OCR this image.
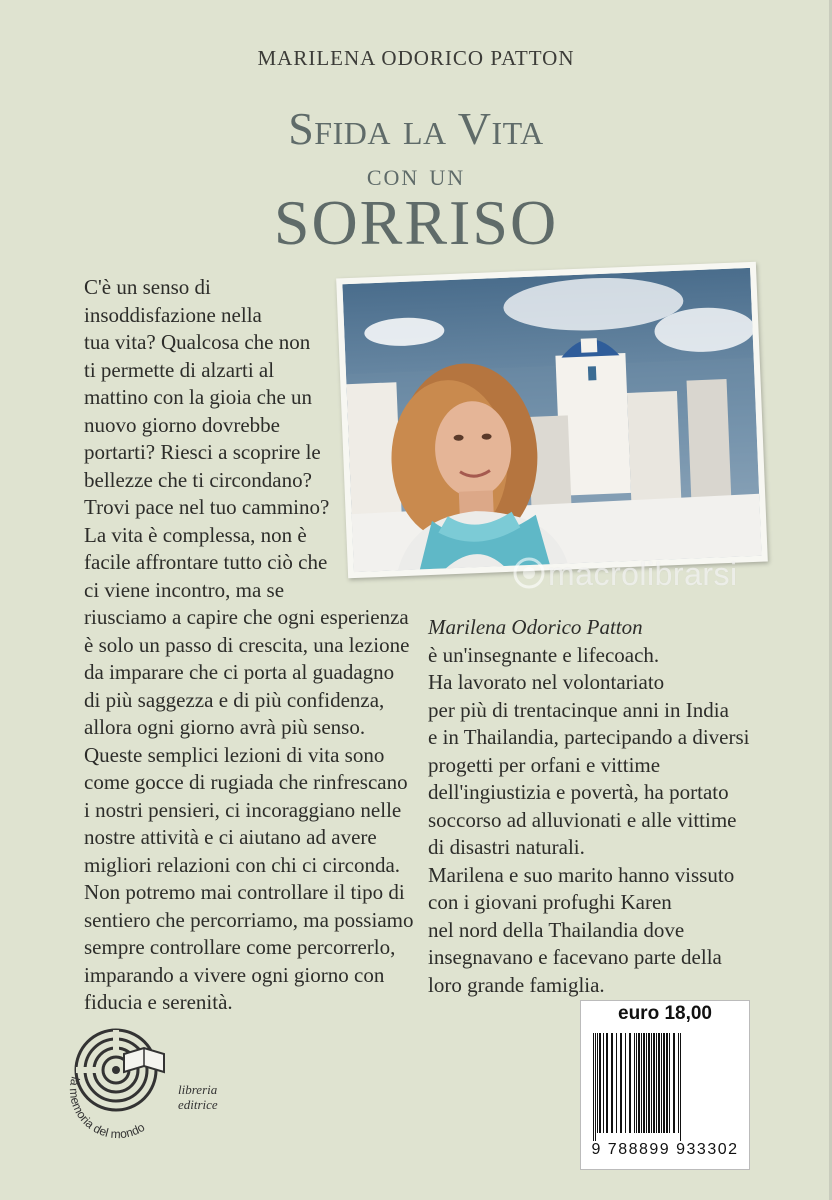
MARILENA ODORICO PATTON
Sfida la Vita
con un
SORRISO
C'è un senso di
insoddisfazione nella
tua vita? Qualcosa che non
ti permette di alzarti al
mattino con la gioia che un
nuovo giorno dovrebbe
portarti? Riesci a scoprire le
bellezze che ti circondano?
Trovi pace nel tuo cammino?
La vita è complessa, non è
facile affrontare tutto ciò che
ci viene incontro, ma se
riusciamo a capire che ogni esperienza
è solo un passo di crescita, una lezione
da imparare che ci porta al guadagno
di più saggezza e di più confidenza,
allora ogni giorno avrà più senso.
Queste semplici lezioni di vita sono
come gocce di rugiada che rinfrescano
i nostri pensieri, ci incoraggiano nelle
nostre attività e ci aiutano ad avere
migliori relazioni con chi ci circonda.
Non potremo mai controllare il tipo di
sentiero che percorriamo, ma possiamo
sempre controllare come percorrerlo,
imparando a vivere ogni giorno con
fiducia e serenità.
macrolibrarsi
Marilena Odorico Patton
è un'insegnante e lifecoach.
Ha lavorato nel volontariato
per più di trentacinque anni in India
e in Thailandia, partecipando a diversi
progetti per orfani e vittime
dell'ingiustizia e povertà, ha portato
soccorso ad alluvionati e alle vittime
di disastri naturali.
Marilena e suo marito hanno vissuto
con i giovani profughi Karen
nel nord della Thailandia dove
insegnavano e facevano parte della
loro grande famiglia.
euro 18,00
9 788899 933302
la memoria del mondo
libreria
editrice
